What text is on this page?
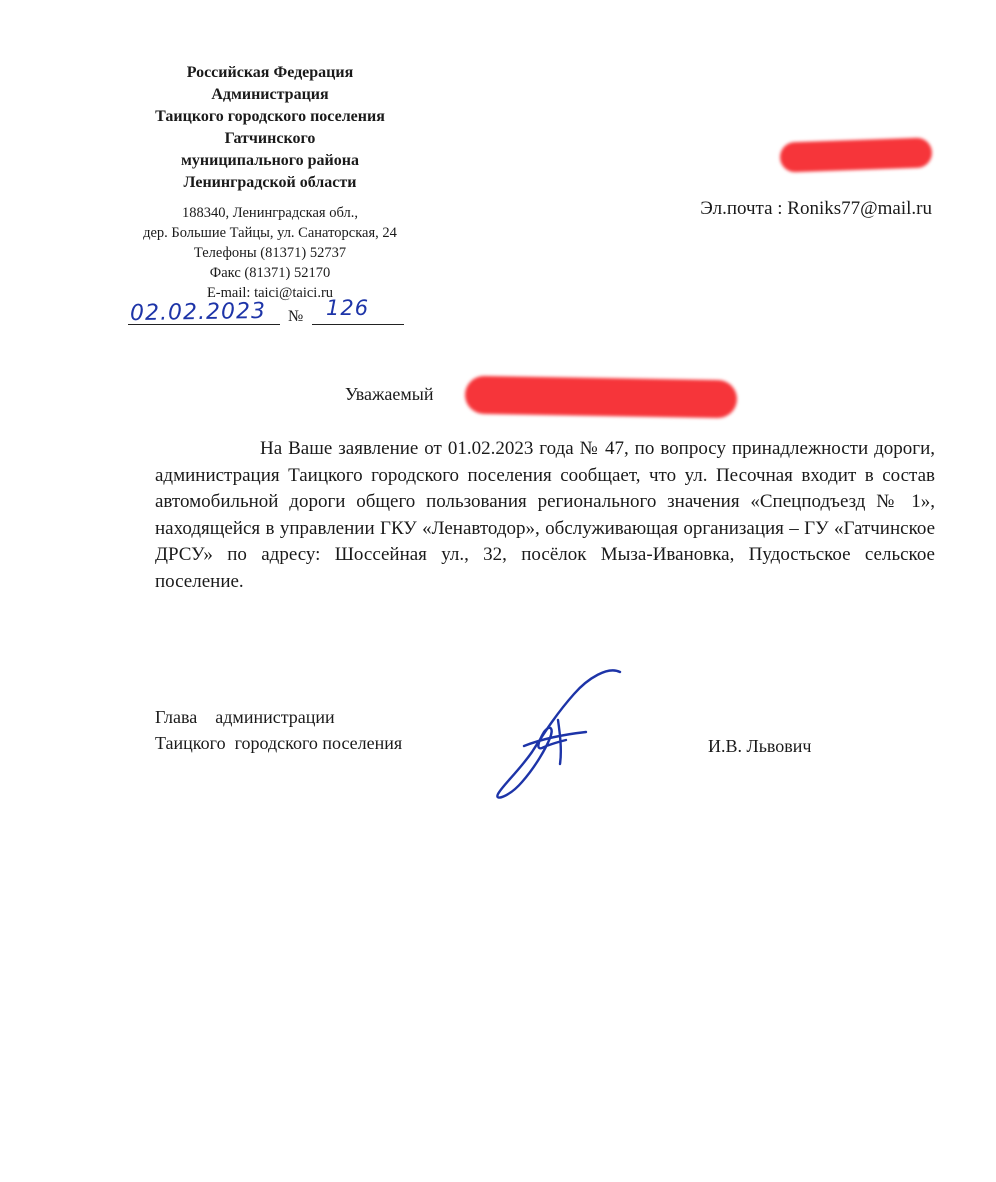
Российская Федерация
Администрация
Таицкого городского поселения
Гатчинского
муниципального района
Ленинградской области
188340, Ленинградская обл.,
дер. Большие Тайцы, ул. Санаторская, 24
Телефоны (81371) 52737
Факс (81371) 52170
E-mail: taici@taici.ru
02.02.2023 № 126
Эл.почта : Roniks77@mail.ru
Уважаемый

На Ваше заявление от 01.02.2023 года № 47, по вопросу принадлежности дороги, администрация Таицкого городского поселения сообщает, что ул. Песочная входит в состав автомобильной дороги общего пользования регионального значения «Спецподъезд № 1», находящейся в управлении ГКУ «Ленавтодор», обслуживающая организация – ГУ «Гатчинское ДРСУ» по адресу: Шоссейная ул., 32, посёлок Мыза-Ивановка, Пудостьское сельское поселение.

Глава    администрации
Таицкого  городского поселения	И.В. Львович
